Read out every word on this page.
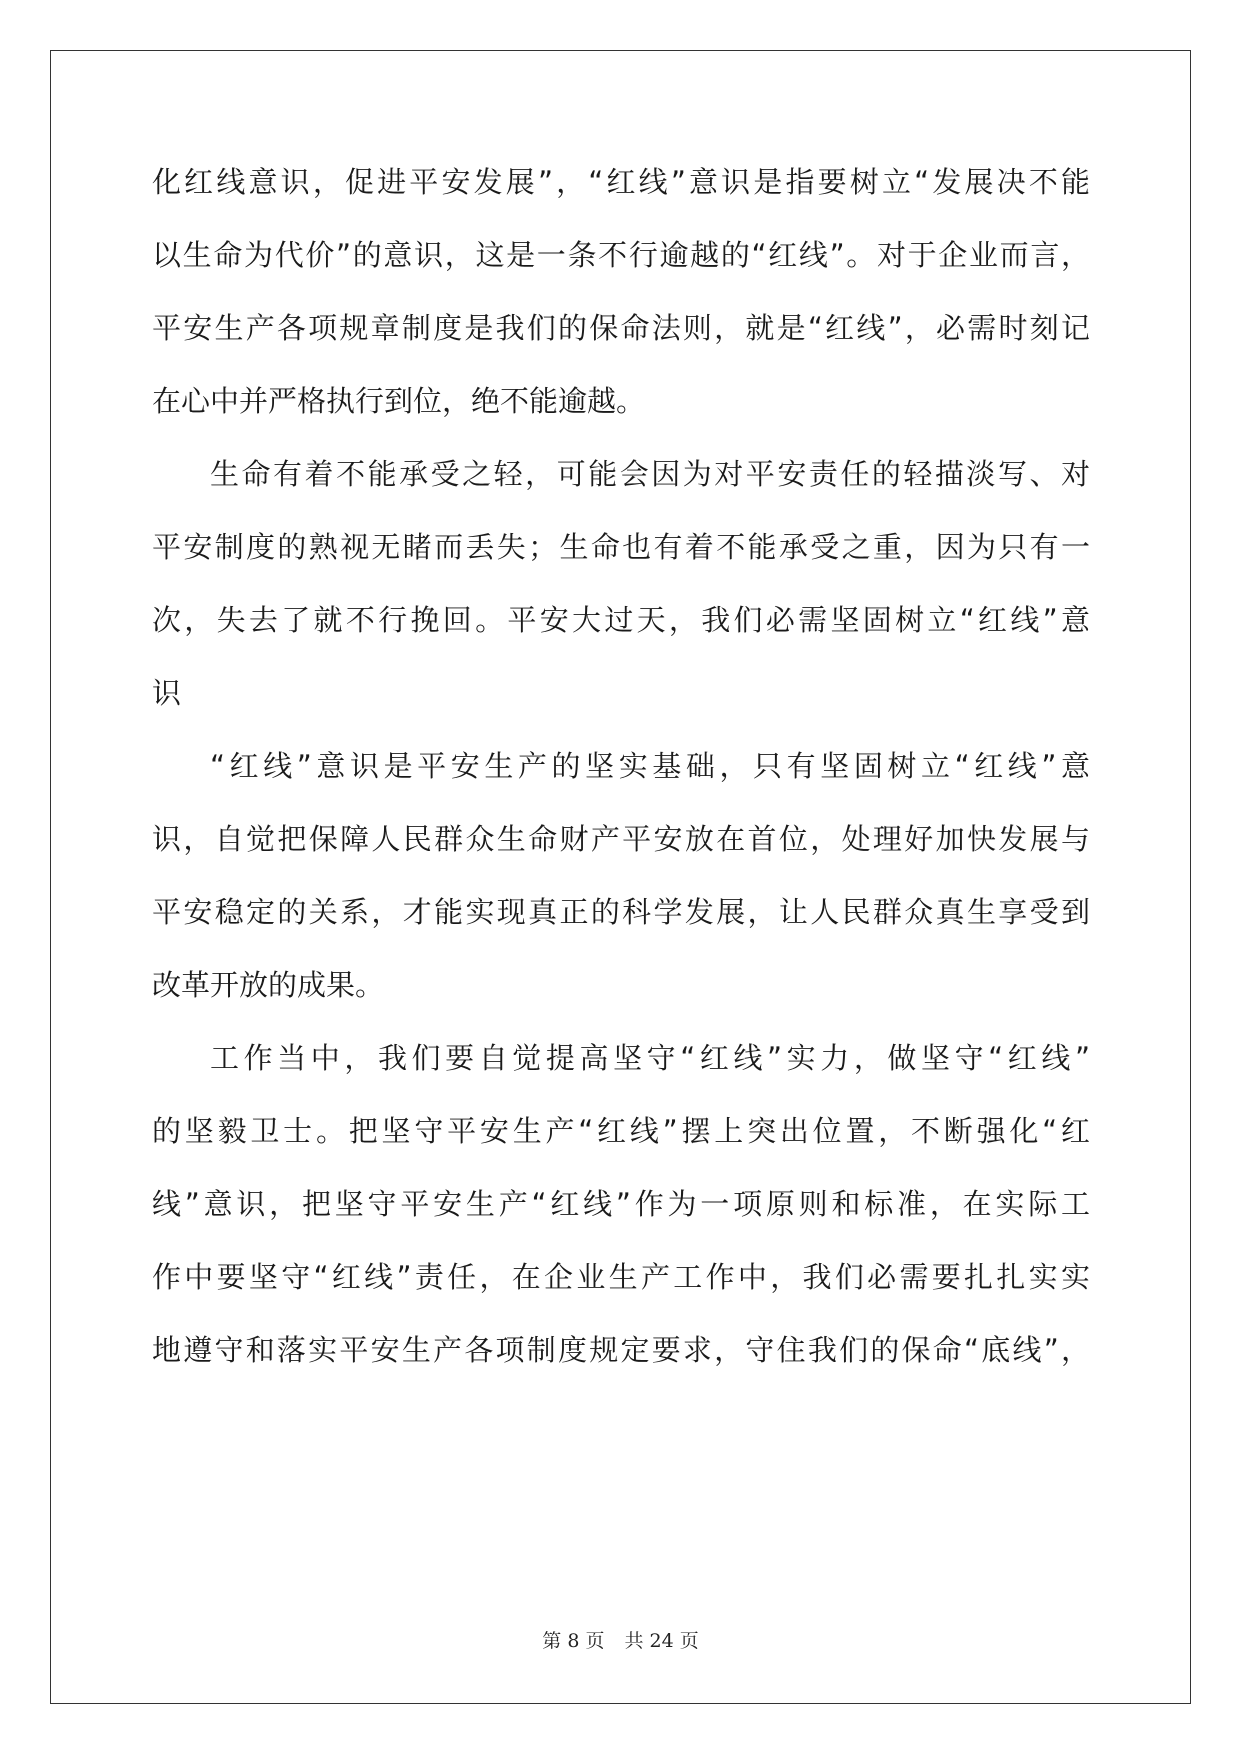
化红线意识，促进平安发展”，“红线”意识是指要树立“发展决不能
以生命为代价”的意识，这是一条不行逾越的“红线”。对于企业而言，
平安生产各项规章制度是我们的保命法则，就是“红线”，必需时刻记
在心中并严格执行到位，绝不能逾越。
生命有着不能承受之轻，可能会因为对平安责任的轻描淡写、对
平安制度的熟视无睹而丢失；生命也有着不能承受之重，因为只有一
次，失去了就不行挽回。平安大过天，我们必需坚固树立“红线”意
识
“红线”意识是平安生产的坚实基础，只有坚固树立“红线”意
识，自觉把保障人民群众生命财产平安放在首位，处理好加快发展与
平安稳定的关系，才能实现真正的科学发展，让人民群众真生享受到
改革开放的成果。
工作当中，我们要自觉提高坚守“红线”实力，做坚守“红线”
的坚毅卫士。把坚守平安生产“红线”摆上突出位置，不断强化“红
线”意识，把坚守平安生产“红线”作为一项原则和标准，在实际工
作中要坚守“红线”责任，在企业生产工作中，我们必需要扎扎实实
地遵守和落实平安生产各项制度规定要求，守住我们的保命“底线”，
第 8 页 共 24 页
